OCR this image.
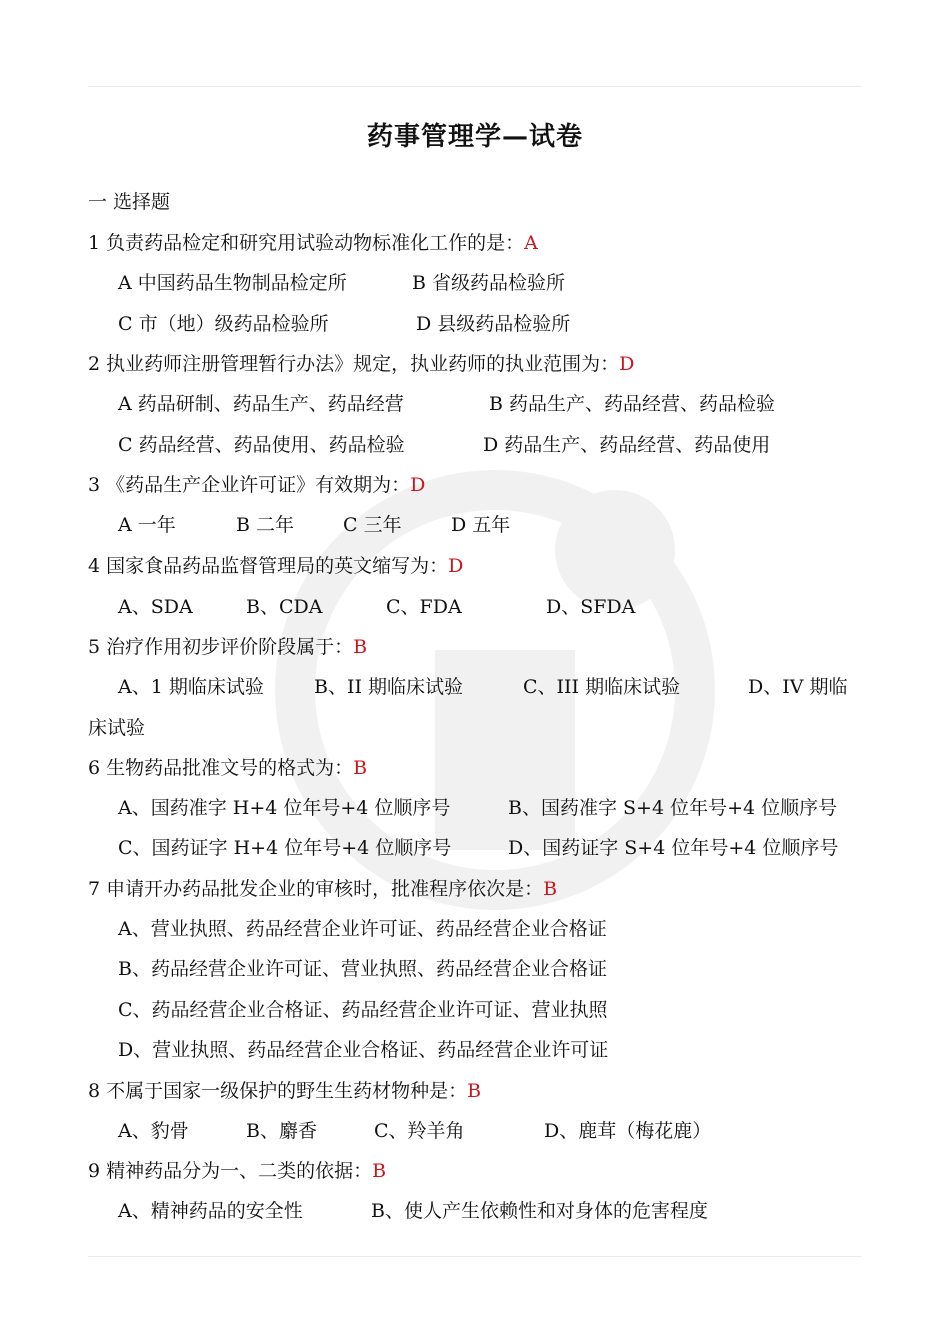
药事管理学—试卷
一 选择题
1 负责药品检定和研究用试验动物标准化工作的是：A
A 中国药品生物制品检定所	B 省级药品检验所
C 市（地）级药品检验所	D 县级药品检验所
2 执业药师注册管理暂行办法》规定，执业药师的执业范围为：D
A 药品研制、药品生产、药品经营	B 药品生产、药品经营、药品检验
C 药品经营、药品使用、药品检验	D 药品生产、药品经营、药品使用
3 《药品生产企业许可证》有效期为：D
A 一年	B 二年	C 三年	D 五年
4 国家食品药品监督管理局的英文缩写为：D
A、SDA	B、CDA	C、FDA	D、SFDA
5 治疗作用初步评价阶段属于：B
A、1 期临床试验	B、II 期临床试验	C、III 期临床试验	D、IV 期临
床试验
6 生物药品批准文号的格式为：B
A、国药准字 H+4 位年号+4 位顺序号	B、国药准字 S+4 位年号+4 位顺序号
C、国药证字 H+4 位年号+4 位顺序号	D、国药证字 S+4 位年号+4 位顺序号
7 申请开办药品批发企业的审核时，批准程序依次是：B
A、营业执照、药品经营企业许可证、药品经营企业合格证
B、药品经营企业许可证、营业执照、药品经营企业合格证
C、药品经营企业合格证、药品经营企业许可证、营业执照
D、营业执照、药品经营企业合格证、药品经营企业许可证
8 不属于国家一级保护的野生生药材物种是：B
A、豹骨	B、麝香	C、羚羊角	D、鹿茸（梅花鹿）
9 精神药品分为一、二类的依据：B
A、精神药品的安全性	B、使人产生依赖性和对身体的危害程度
